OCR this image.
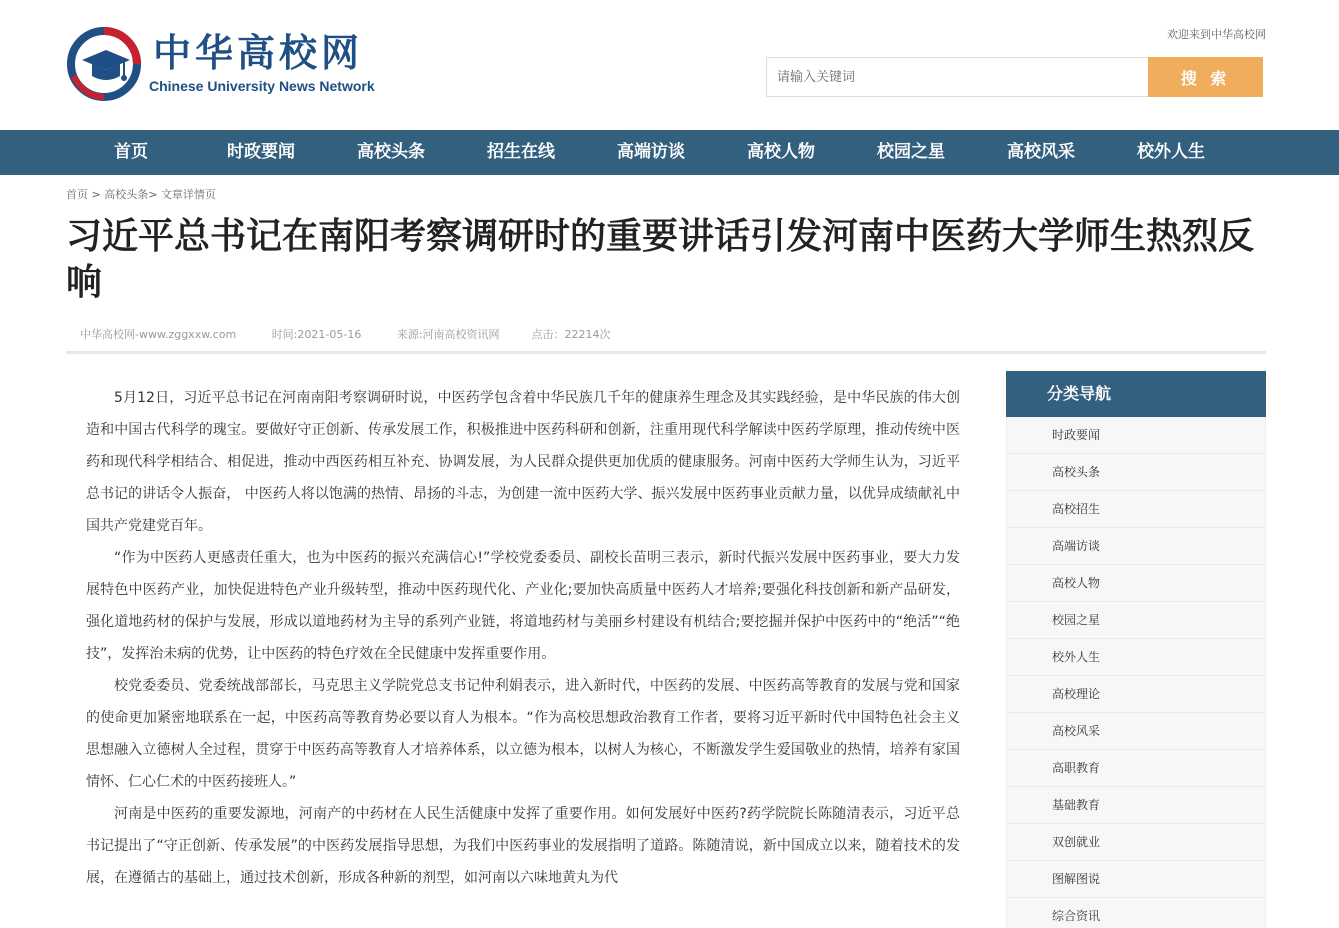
中华高校网
Chinese University News Network
欢迎来到中华高校网
请输入关键词
搜 索
首页	时政要闻	高校头条	招生在线	高端访谈	高校人物	校园之星	高校风采	校外人生
首页 > 高校头条> 文章详情页
习近平总书记在南阳考察调研时的重要讲话引发河南中医药大学师生热烈反响
中华高校网-www.zggxxw.com	时间:2021-05-16	来源:河南高校资讯网	点击：22214次

5月12日，习近平总书记在河南南阳考察调研时说，中医药学包含着中华民族几千年的健康养生理念及其实践经验，是中华民族的伟大创造和中国古代科学的瑰宝。要做好守正创新、传承发展工作，积极推进中医药科研和创新，注重用现代科学解读中医药学原理，推动传统中医药和现代科学相结合、相促进，推动中西医药相互补充、协调发展，为人民群众提供更加优质的健康服务。河南中医药大学师生认为，习近平总书记的讲话令人振奋， 中医药人将以饱满的热情、昂扬的斗志，为创建一流中医药大学、振兴发展中医药事业贡献力量，以优异成绩献礼中国共产党建党百年。

“作为中医药人更感责任重大，也为中医药的振兴充满信心!”学校党委委员、副校长苗明三表示，新时代振兴发展中医药事业，要大力发展特色中医药产业，加快促进特色产业升级转型，推动中医药现代化、产业化;要加快高质量中医药人才培养;要强化科技创新和新产品研发，强化道地药材的保护与发展，形成以道地药材为主导的系列产业链，将道地药材与美丽乡村建设有机结合;要挖掘并保护中医药中的“绝活”“绝技”，发挥治未病的优势，让中医药的特色疗效在全民健康中发挥重要作用。

校党委委员、党委统战部部长，马克思主义学院党总支书记仲利娟表示，进入新时代，中医药的发展、中医药高等教育的发展与党和国家的使命更加紧密地联系在一起，中医药高等教育势必要以育人为根本。“作为高校思想政治教育工作者，要将习近平新时代中国特色社会主义思想融入立德树人全过程，贯穿于中医药高等教育人才培养体系，以立德为根本，以树人为核心，不断激发学生爱国敬业的热情，培养有家国情怀、仁心仁术的中医药接班人。”

河南是中医药的重要发源地，河南产的中药材在人民生活健康中发挥了重要作用。如何发展好中医药?药学院院长陈随清表示，习近平总书记提出了“守正创新、传承发展”的中医药发展指导思想，为我们中医药事业的发展指明了道路。陈随清说，新中国成立以来，随着技术的发展，在遵循古的基础上，通过技术创新，形成各种新的剂型，如河南以六味地黄丸为代

分类导航
时政要闻
高校头条
高校招生
高端访谈
高校人物
校园之星
校外人生
高校理论
高校风采
高职教育
基础教育
双创就业
图解图说
综合资讯
